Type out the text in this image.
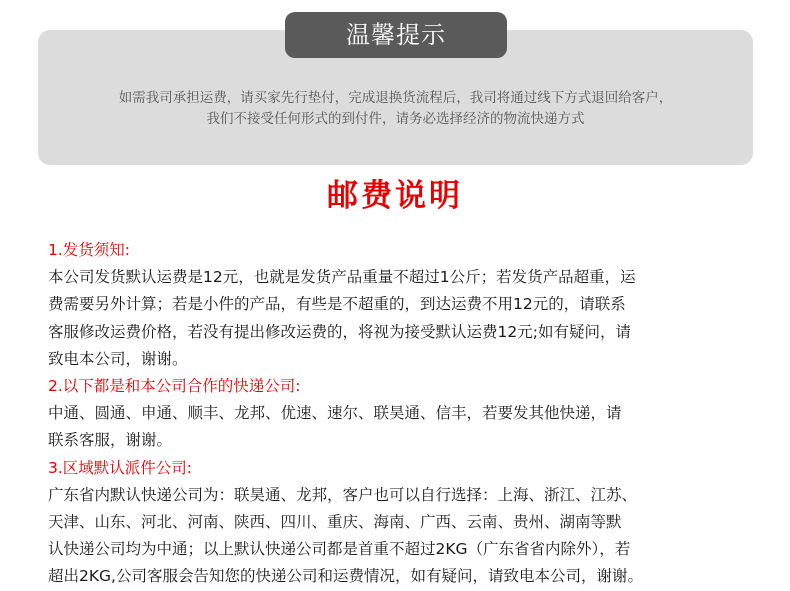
温馨提示
如需我司承担运费，请买家先行垫付，完成退换货流程后，我司将通过线下方式退回给客户，
我们不接受任何形式的到付件，请务必选择经济的物流快递方式
邮费说明
1.发货须知:
本公司发货默认运费是12元，也就是发货产品重量不超过1公斤；若发货产品超重，运
费需要另外计算；若是小件的产品，有些是不超重的，到达运费不用12元的，请联系
客服修改运费价格，若没有提出修改运费的，将视为接受默认运费12元;如有疑问，请
致电本公司，谢谢。
2.以下都是和本公司合作的快递公司:
中通、圆通、申通、顺丰、龙邦、优速、速尔、联昊通、信丰，若要发其他快递，请
联系客服，谢谢。
3.区域默认派件公司:
广东省内默认快递公司为：联昊通、龙邦，客户也可以自行选择：上海、浙江、江苏、
天津、山东、河北、河南、陕西、四川、重庆、海南、广西、云南、贵州、湖南等默
认快递公司均为中通；以上默认快递公司都是首重不超过2KG（广东省省内除外），若
超出2KG,公司客服会告知您的快递公司和运费情况，如有疑问，请致电本公司，谢谢。
